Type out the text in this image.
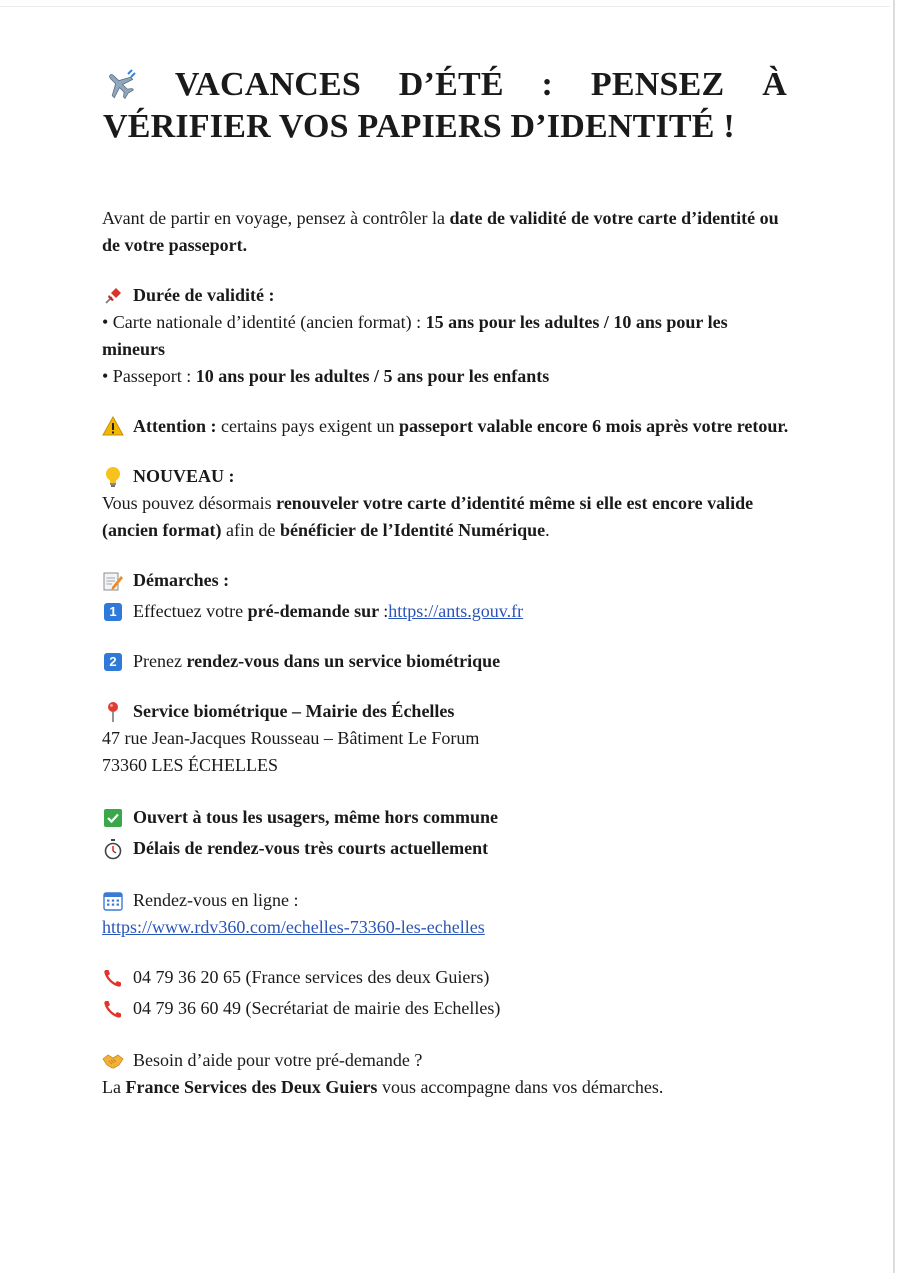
VACANCES D’ÉTÉ : PENSEZ À
VÉRIFIER VOS PAPIERS D’IDENTITÉ !

Avant de partir en voyage, pensez à contrôler la date de validité de votre carte d’identité ou de votre passeport.

Durée de validité :

• Carte nationale d’identité (ancien format) : 15 ans pour les adultes / 10 ans pour les mineurs

• Passeport : 10 ans pour les adultes / 5 ans pour les enfants

Attention : certains pays exigent un passeport valable encore 6 mois après votre retour.

NOUVEAU :

Vous pouvez désormais renouveler votre carte d’identité même si elle est encore valide (ancien format) afin de bénéficier de l’Identité Numérique.

Démarches :
1 Effectuez votre pré-demande sur :https://ants.gouv.fr
2 Prenez rendez-vous dans un service biométrique
Service biométrique – Mairie des Échelles

47 rue Jean-Jacques Rousseau – Bâtiment Le Forum

73360 LES ÉCHELLES

Ouvert à tous les usagers, même hors commune
Délais de rendez-vous très courts actuellement
Rendez-vous en ligne :

https://www.rdv360.com/echelles-73360-les-echelles

04 79 36 20 65 (France services des deux Guiers)
04 79 36 60 49 (Secrétariat de mairie des Echelles)
Besoin d’aide pour votre pré-demande ?

La France Services des Deux Guiers vous accompagne dans vos démarches.
